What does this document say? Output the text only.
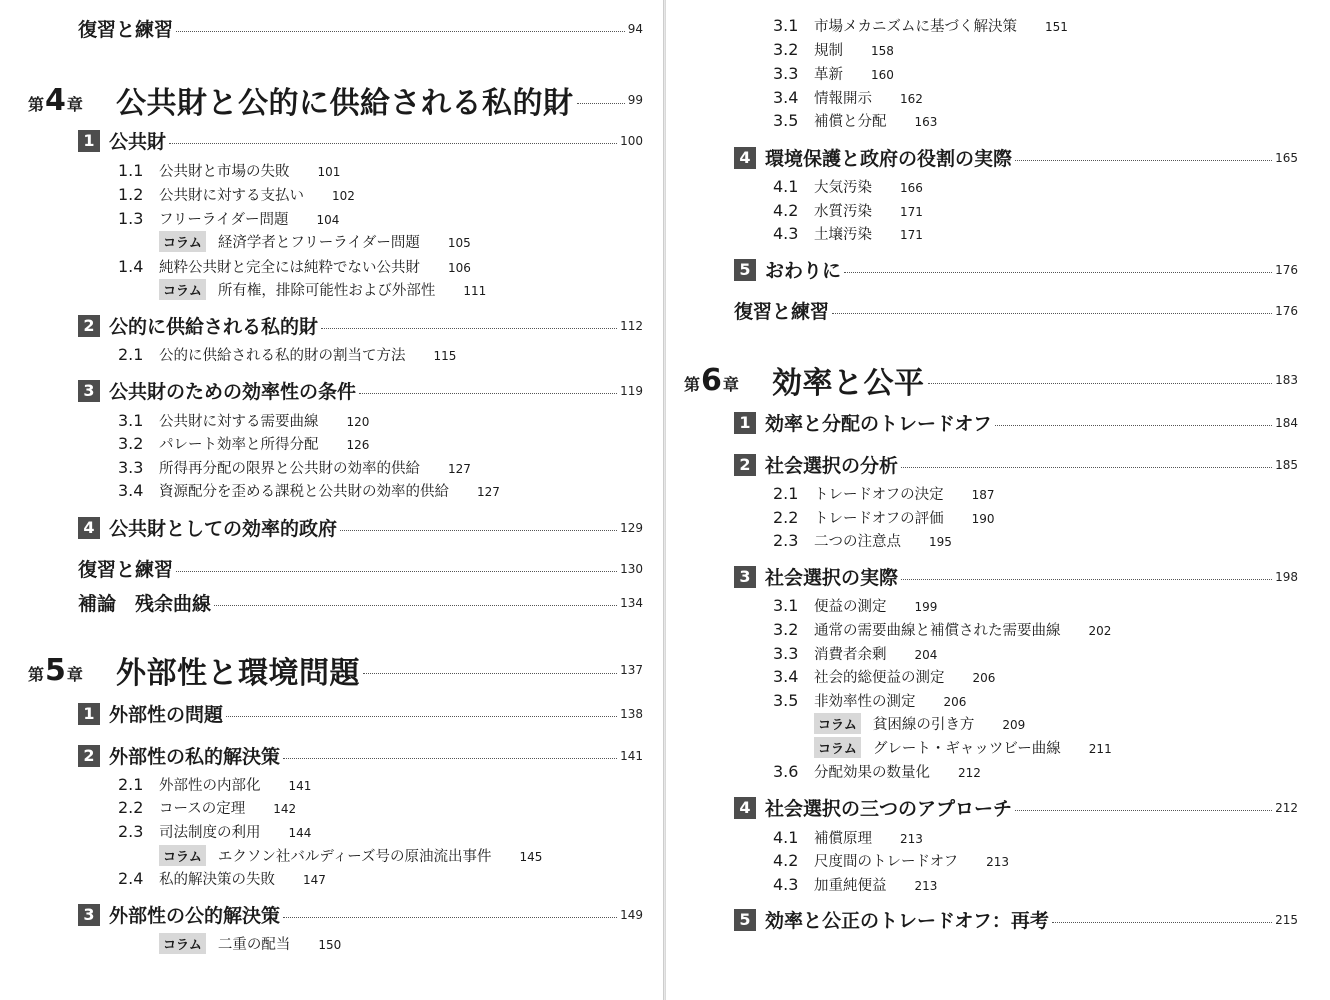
復習と練習	94
第 4 章 公共財と公的に供給される私的財	99
1 公共財	100
1.1	公共財と市場の失敗 101
1.2	公共財に対する支払い 102
1.3	フリーライダー問題 104
コラム 経済学者とフリーライダー問題 105
1.4	純粋公共財と完全には純粋でない公共財 106
コラム 所有権，排除可能性および外部性 111
2 公的に供給される私的財	112
2.1	公的に供給される私的財の割当て方法 115
3 公共財のための効率性の条件	119
3.1	公共財に対する需要曲線 120
3.2	パレート効率と所得分配 126
3.3	所得再分配の限界と公共財の効率的供給 127
3.4	資源配分を歪める課税と公共財の効率的供給 127
4 公共財としての効率的政府	129
復習と練習	130
補論　残余曲線	134
第 5 章 外部性と環境問題	137
1 外部性の問題	138
2 外部性の私的解決策	141
2.1	外部性の内部化 141
2.2	コースの定理 142
2.3	司法制度の利用 144
コラム エクソン社バルディーズ号の原油流出事件 145
2.4	私的解決策の失敗 147
3 外部性の公的解決策	149
コラム 二重の配当 150
3.1	市場メカニズムに基づく解決策 151
3.2	規制 158
3.3	革新 160
3.4	情報開示 162
3.5	補償と分配 163
4 環境保護と政府の役割の実際	165
4.1	大気汚染 166
4.2	水質汚染 171
4.3	土壌汚染 171
5 おわりに	176
復習と練習	176
第 6 章 効率と公平	183
1 効率と分配のトレードオフ	184
2 社会選択の分析	185
2.1	トレードオフの決定 187
2.2	トレードオフの評価 190
2.3	二つの注意点 195
3 社会選択の実際	198
3.1	便益の測定 199
3.2	通常の需要曲線と補償された需要曲線 202
3.3	消費者余剰 204
3.4	社会的総便益の測定 206
3.5	非効率性の測定 206
コラム 貧困線の引き方 209
コラム グレート・ギャッツビー曲線 211
3.6	分配効果の数量化 212
4 社会選択の三つのアプローチ	212
4.1	補償原理 213
4.2	尺度間のトレードオフ 213
4.3	加重純便益 213
5 効率と公正のトレードオフ：再考	215
